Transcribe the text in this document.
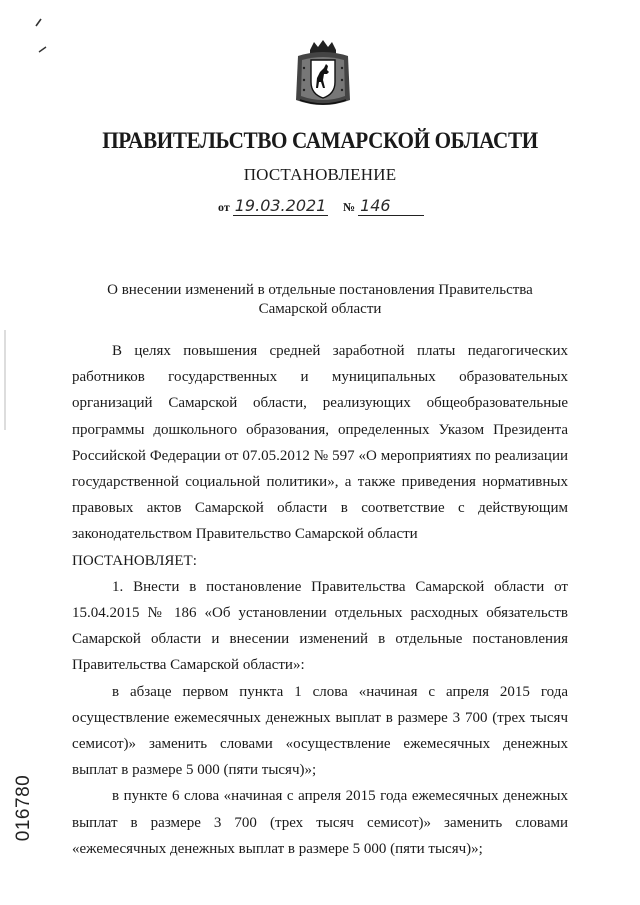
ПРАВИТЕЛЬСТВО САМАРСКОЙ ОБЛАСТИ
ПОСТАНОВЛЕНИЕ
от 19.03.2021 № 146
О внесении изменений в отдельные постановления Правительства
Самарской области

В целях повышения средней заработной платы педагогических работников государственных и муниципальных образовательных организаций Самарской области, реализующих общеобразовательные программы дошкольного образования, определенных Указом Президента Российской Федерации от 07.05.2012 № 597 «О мероприятиях по реализации государственной социальной политики», а также приведения нормативных правовых актов Самарской области в соответствие с действующим законодательством Правительство Самарской области

ПОСТАНОВЛЯЕТ:

1. Внести в постановление Правительства Самарской области от 15.04.2015 № 186 «Об установлении отдельных расходных обязательств Самарской области и внесении изменений в отдельные постановления Правительства Самарской области»:

в абзаце первом пункта 1 слова «начиная с апреля 2015 года осуществление ежемесячных денежных выплат в размере 3 700 (трех тысяч семисот)» заменить словами «осуществление ежемесячных денежных выплат в размере 5 000 (пяти тысяч)»;

в пункте 6 слова «начиная с апреля 2015 года ежемесячных денежных выплат в размере 3 700 (трех тысяч семисот)» заменить словами «ежемесячных денежных выплат в размере 5 000 (пяти тысяч)»;

016780
